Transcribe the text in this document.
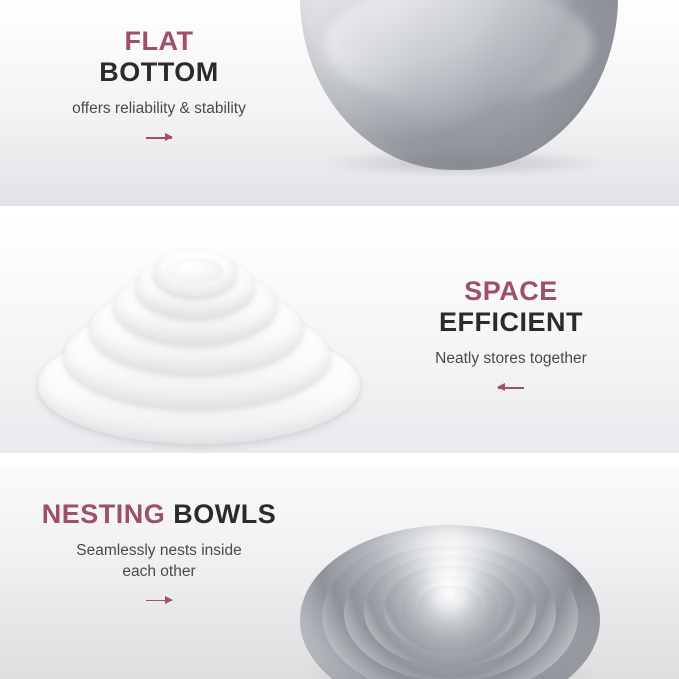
FLAT
BOTTOM
offers reliability & stability
SPACE
EFFICIENT
Neatly stores together
NESTING BOWLS
Seamlessly nests inside
each other
